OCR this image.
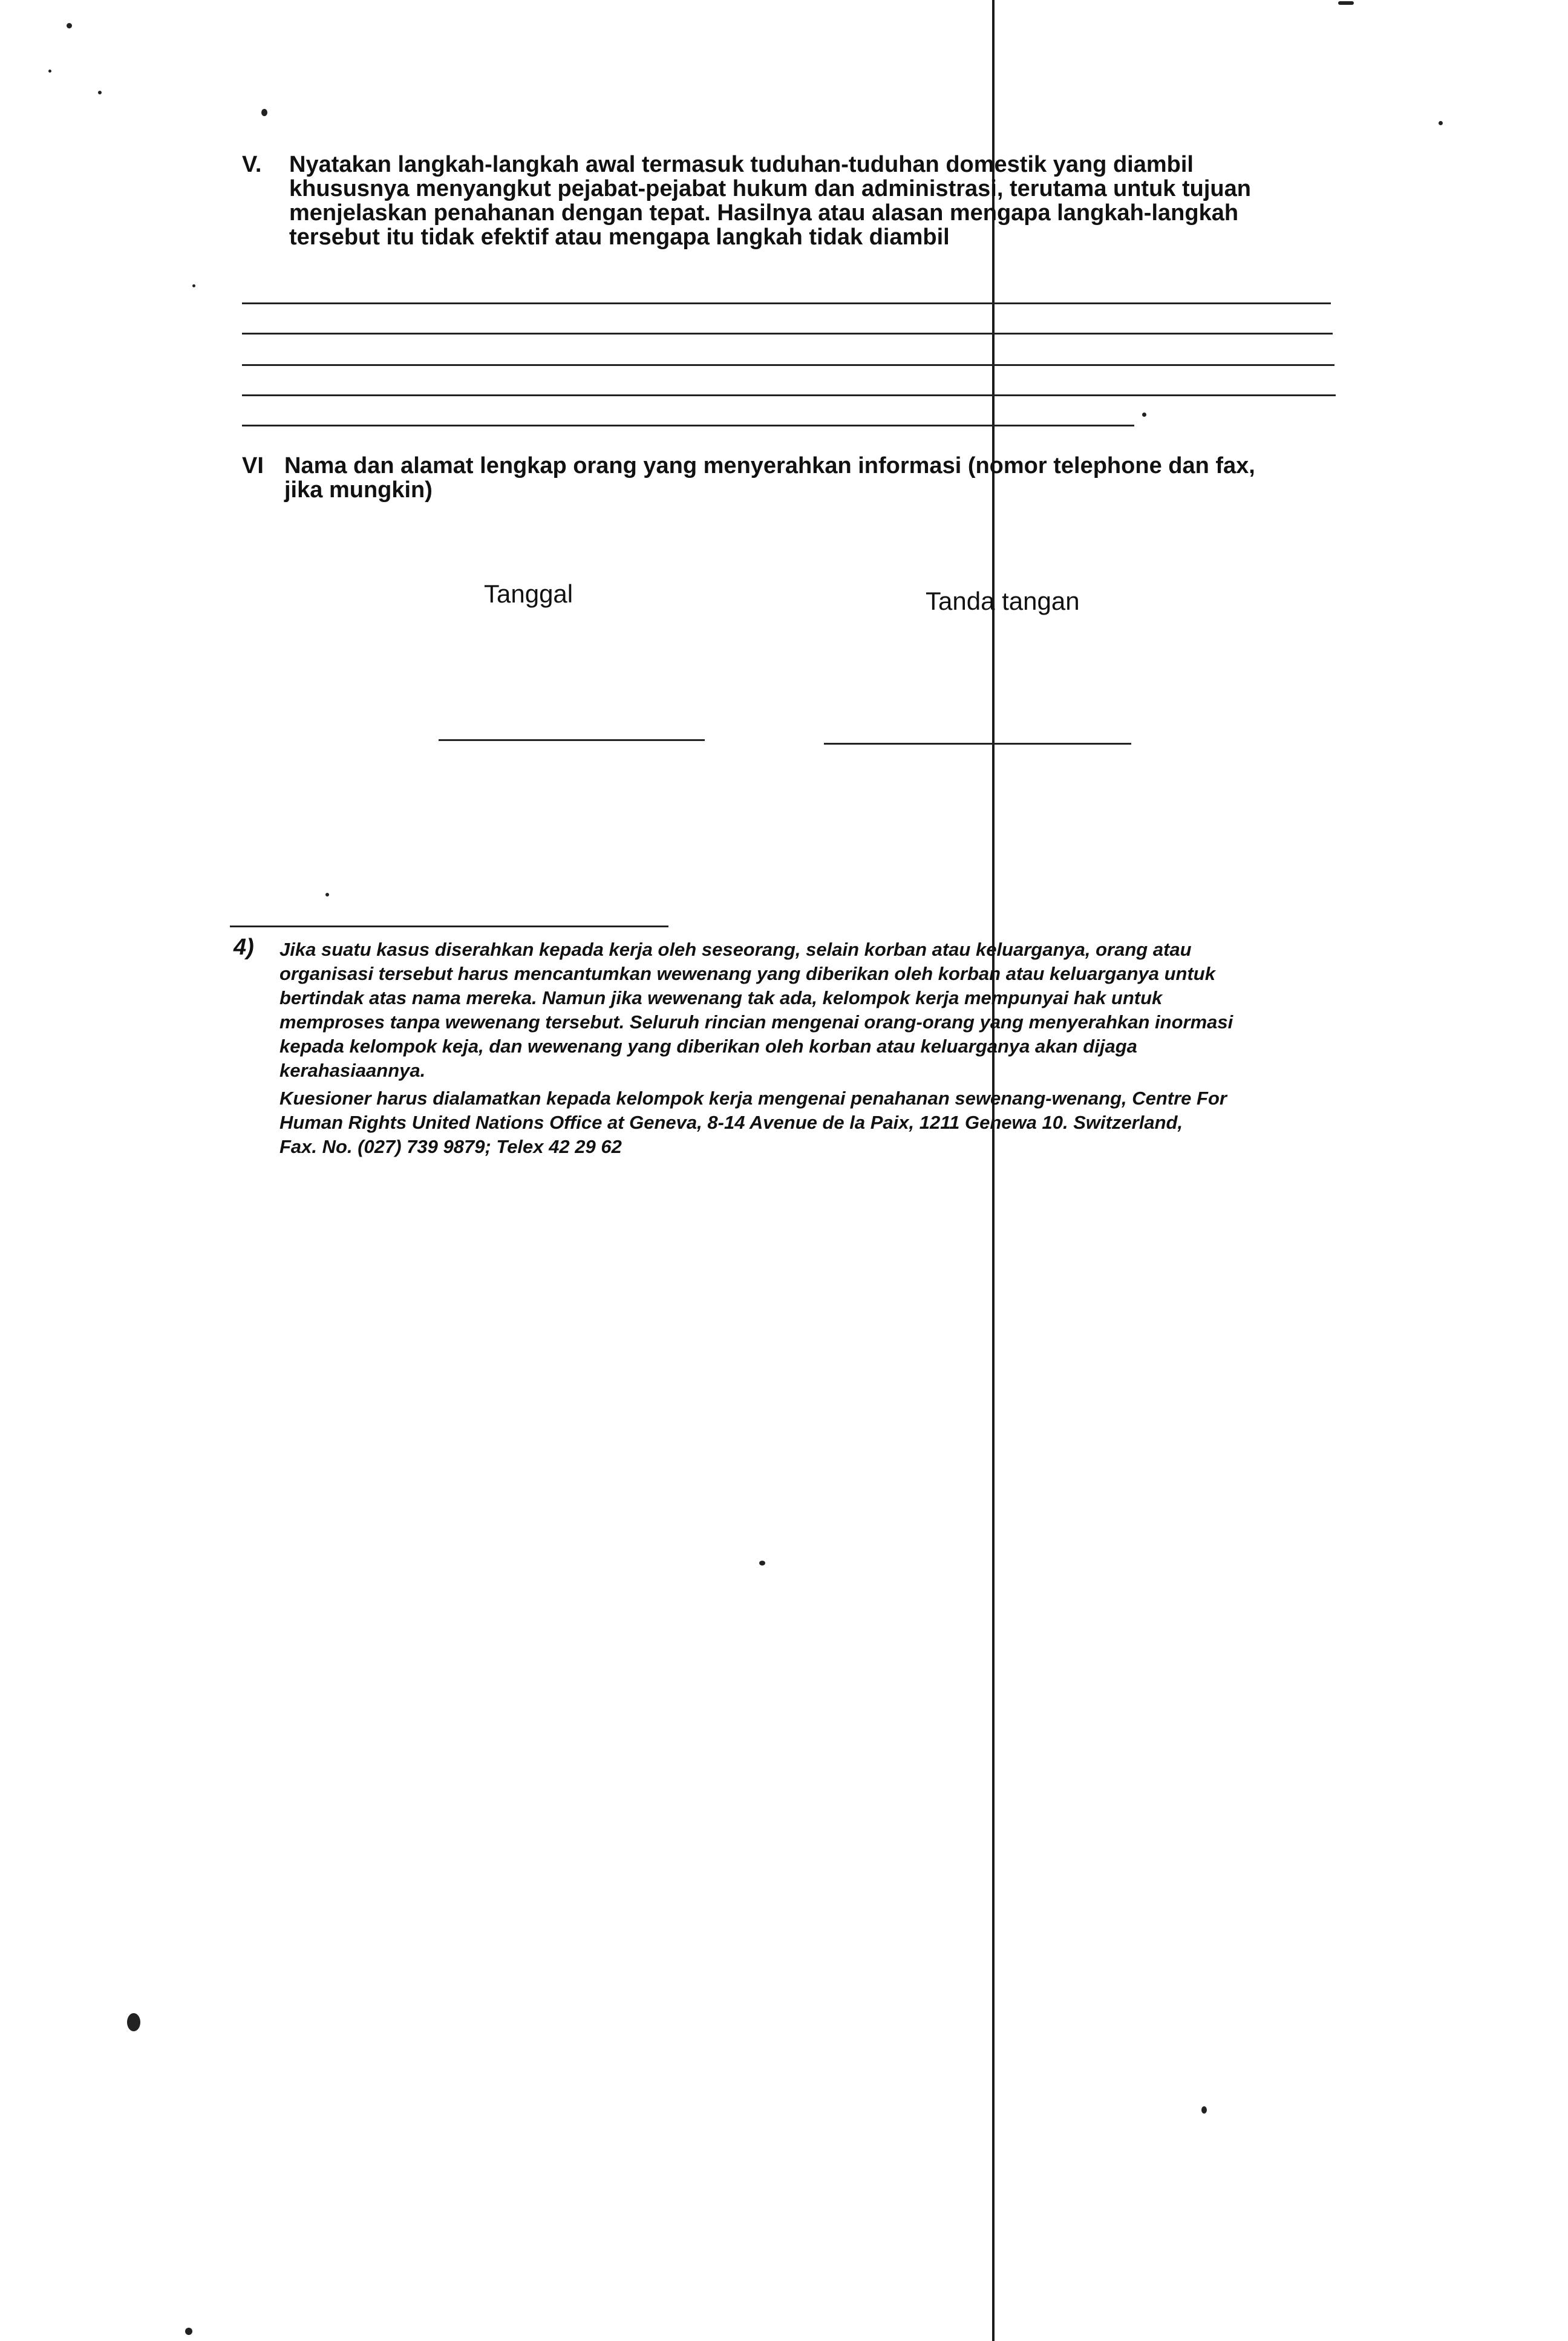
V. Nyatakan langkah-langkah awal termasuk tuduhan-tuduhan domestik yang diambil
khususnya menyangkut pejabat-pejabat hukum dan administrasi, terutama untuk tujuan
menjelaskan penahanan dengan tepat. Hasilnya atau alasan mengapa langkah-langkah
tersebut itu tidak efektif atau mengapa langkah tidak diambil
VI Nama dan alamat lengkap orang yang menyerahkan informasi (nomor telephone dan fax,
jika mungkin)
Tanggal	Tanda tangan
4) Jika suatu kasus diserahkan kepada kerja oleh seseorang, selain korban atau keluarganya, orang atau
organisasi tersebut harus mencantumkan wewenang yang diberikan oleh korban atau keluarganya untuk
bertindak atas nama mereka. Namun jika wewenang tak ada, kelompok kerja mempunyai hak untuk
memproses tanpa wewenang tersebut. Seluruh rincian mengenai orang-orang yang menyerahkan inormasi
kepada kelompok keja, dan wewenang yang diberikan oleh korban atau keluarganya akan dijaga
kerahasiaannya.
Kuesioner harus dialamatkan kepada kelompok kerja mengenai penahanan sewenang-wenang, Centre For
Human Rights United Nations Office at Geneva, 8-14 Avenue de la Paix, 1211 Genewa 10. Switzerland,
Fax. No. (027) 739 9879; Telex 42 29 62
